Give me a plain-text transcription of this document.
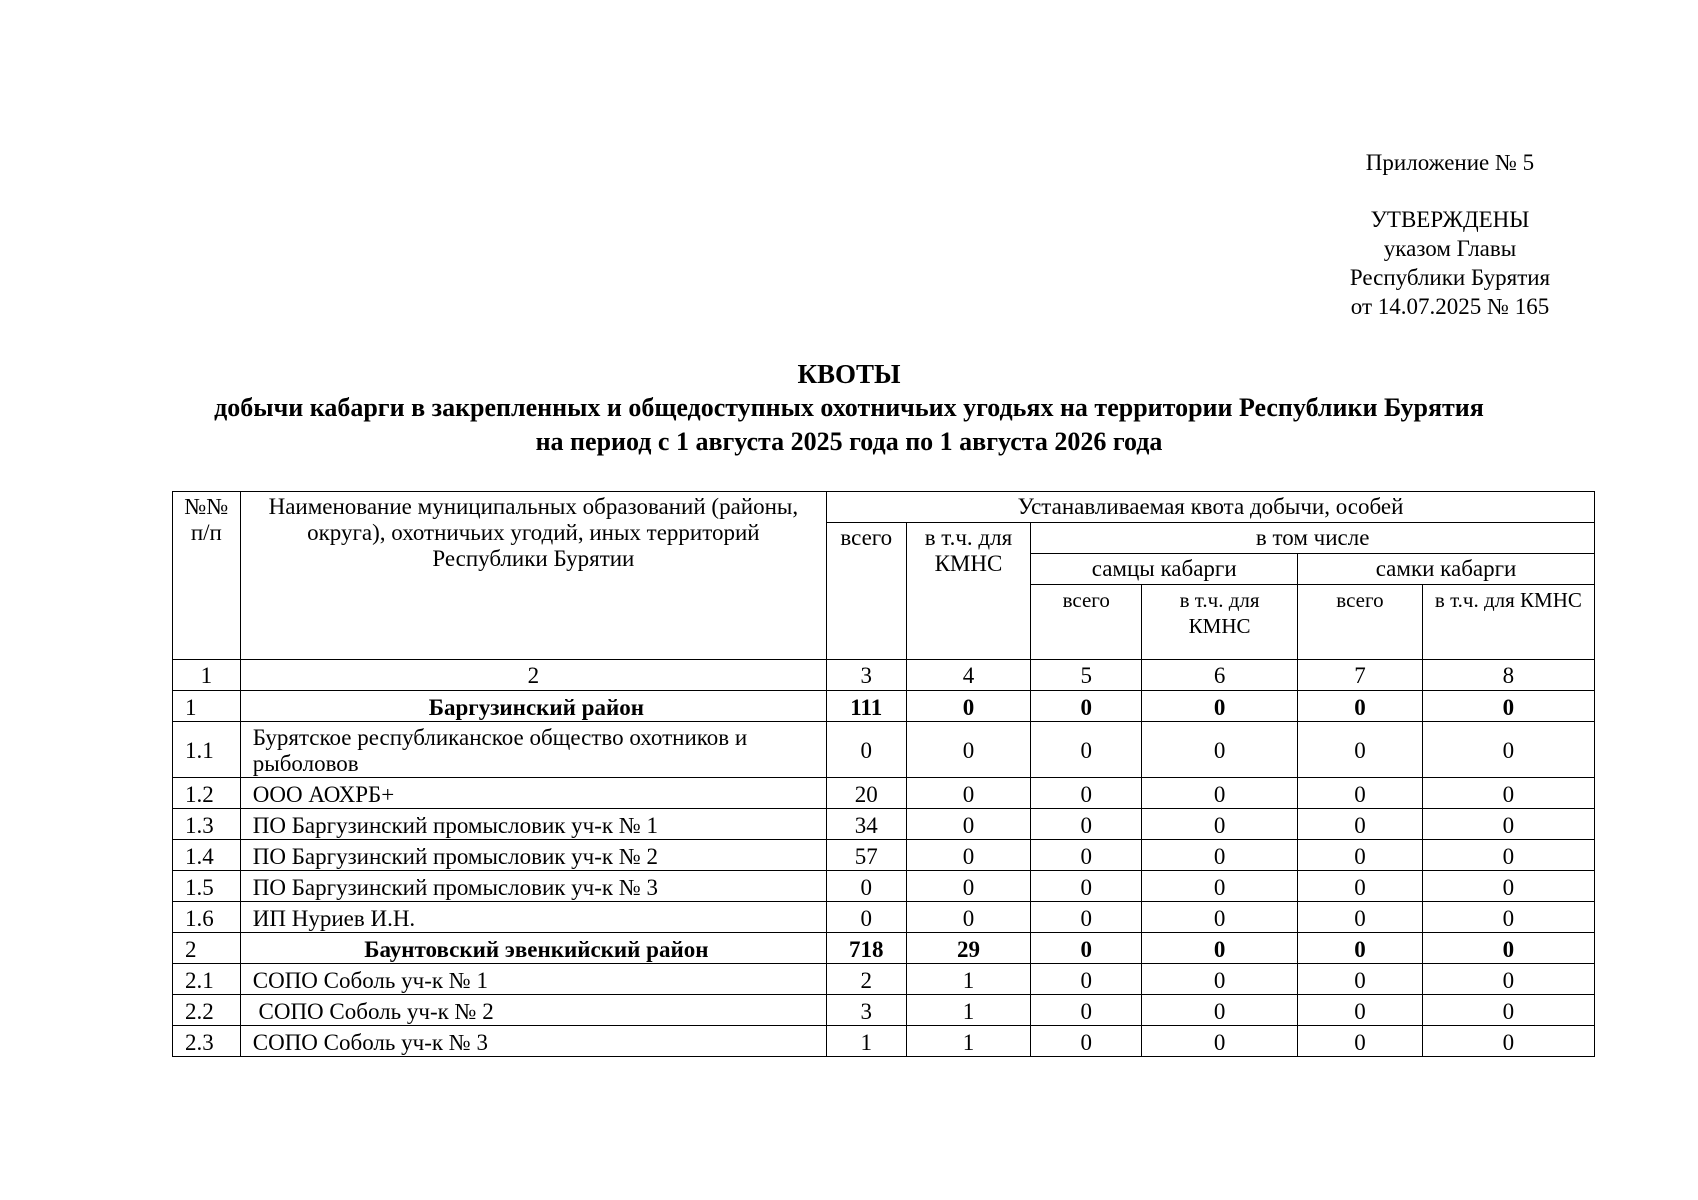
Приложение № 5
УТВЕРЖДЕНЫ
указом Главы
Республики Бурятия
от 14.07.2025 № 165
КВОТЫ
добычи кабарги в закрепленных и общедоступных охотничьих угодьях на территории Республики Бурятия
на период с 1 августа 2025 года по 1 августа 2026 года
№№ п/п	Наименование муниципальных образований (районы, округа), охотничьих угодий, иных территорий Республики Бурятии	Устанавливаемая квота добычи, особей					
		всего	в т.ч. для КМНС	в том числе			
				самцы кабарги		самки кабарги	
				всего	в т.ч. для КМНС	всего	в т.ч. для КМНС
1	2	3	4	5	6	7	8
1	Баргузинский район	111	0	0	0	0	0
1.1	Бурятское республиканское общество охотников и рыболовов	0	0	0	0	0	0
1.2	ООО АОХРБ+	20	0	0	0	0	0
1.3	ПО Баргузинский промысловик уч-к № 1	34	0	0	0	0	0
1.4	ПО Баргузинский промысловик уч-к № 2	57	0	0	0	0	0
1.5	ПО Баргузинский промысловик уч-к № 3	0	0	0	0	0	0
1.6	ИП Нуриев И.Н.	0	0	0	0	0	0
2	Баунтовский эвенкийский район	718	29	0	0	0	0
2.1	СОПО Соболь уч-к № 1	2	1	0	0	0	0
2.2	СОПО Соболь уч-к № 2	3	1	0	0	0	0
2.3	СОПО Соболь уч-к № 3	1	1	0	0	0	0
